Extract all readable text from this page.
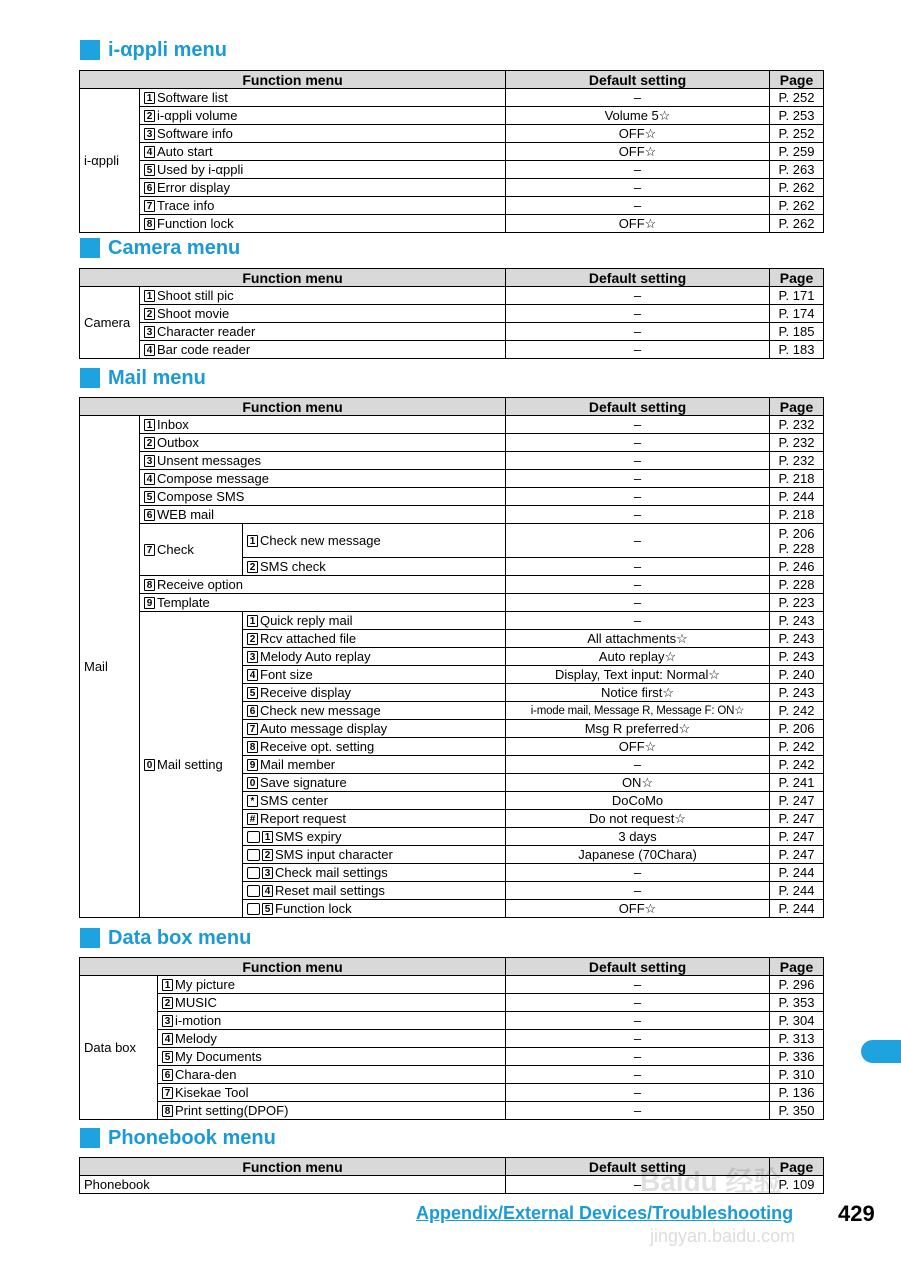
i-αppli menu
Function menu		Default setting	Page
i-αppli	1 Software list	–	P. 252
	2 i-αppli volume	Volume 5☆	P. 253
	3 Software info	OFF☆	P. 252
	4 Auto start	OFF☆	P. 259
	5 Used by i-αppli	–	P. 263
	6 Error display	–	P. 262
	7 Trace info	–	P. 262
	8 Function lock	OFF☆	P. 262
Camera menu
Function menu		Default setting	Page
Camera	1 Shoot still pic	–	P. 171
	2 Shoot movie	–	P. 174
	3 Character reader	–	P. 185
	4 Bar code reader	–	P. 183
Mail menu
Function menu			Default setting	Page
Mail	1 Inbox		–	P. 232
	2 Outbox		–	P. 232
	3 Unsent messages		–	P. 232
	4 Compose message		–	P. 218
	5 Compose SMS		–	P. 244
	6 WEB mail		–	P. 218
	7 Check	1 Check new message	–	P. 206
P. 228

		2 SMS check	–	P. 246
	8 Receive option		–	P. 228
	9 Template		–	P. 223
	0 Mail setting	1 Quick reply mail	–	P. 243
		2 Rcv attached file	All attachments☆	P. 243
		3 Melody Auto replay	Auto replay☆	P. 243
		4 Font size	Display, Text input: Normal☆	P. 240
		5 Receive display	Notice first☆	P. 243
		6 Check new message	i-mode mail, Message R, Message F: ON☆	P. 242
		7 Auto message display	Msg R preferred☆	P. 206
		8 Receive opt. setting	OFF☆	P. 242
		9 Mail member	–	P. 242
		0 Save signature	ON☆	P. 241
		* SMS center	DoCoMo	P. 247
		# Report request	Do not request☆	P. 247
		1 SMS expiry	3 days	P. 247
		2 SMS input character	Japanese (70Chara)	P. 247
		3 Check mail settings	–	P. 244
		4 Reset mail settings	–	P. 244
		5 Function lock	OFF☆	P. 244
Data box menu
Function menu		Default setting	Page
Data box	1 My picture	–	P. 296
	2 MUSIC	–	P. 353
	3 i-motion	–	P. 304
	4 Melody	–	P. 313
	5 My Documents	–	P. 336
	6 Chara-den	–	P. 310
	7 Kisekae Tool	–	P. 136
	8 Print setting(DPOF)	–	P. 350
Phonebook menu
Function menu	Default setting	Page
Phonebook	–	P. 109
Baidu 经验
jingyan.baidu.com
Appendix/External Devices/Troubleshooting 429
